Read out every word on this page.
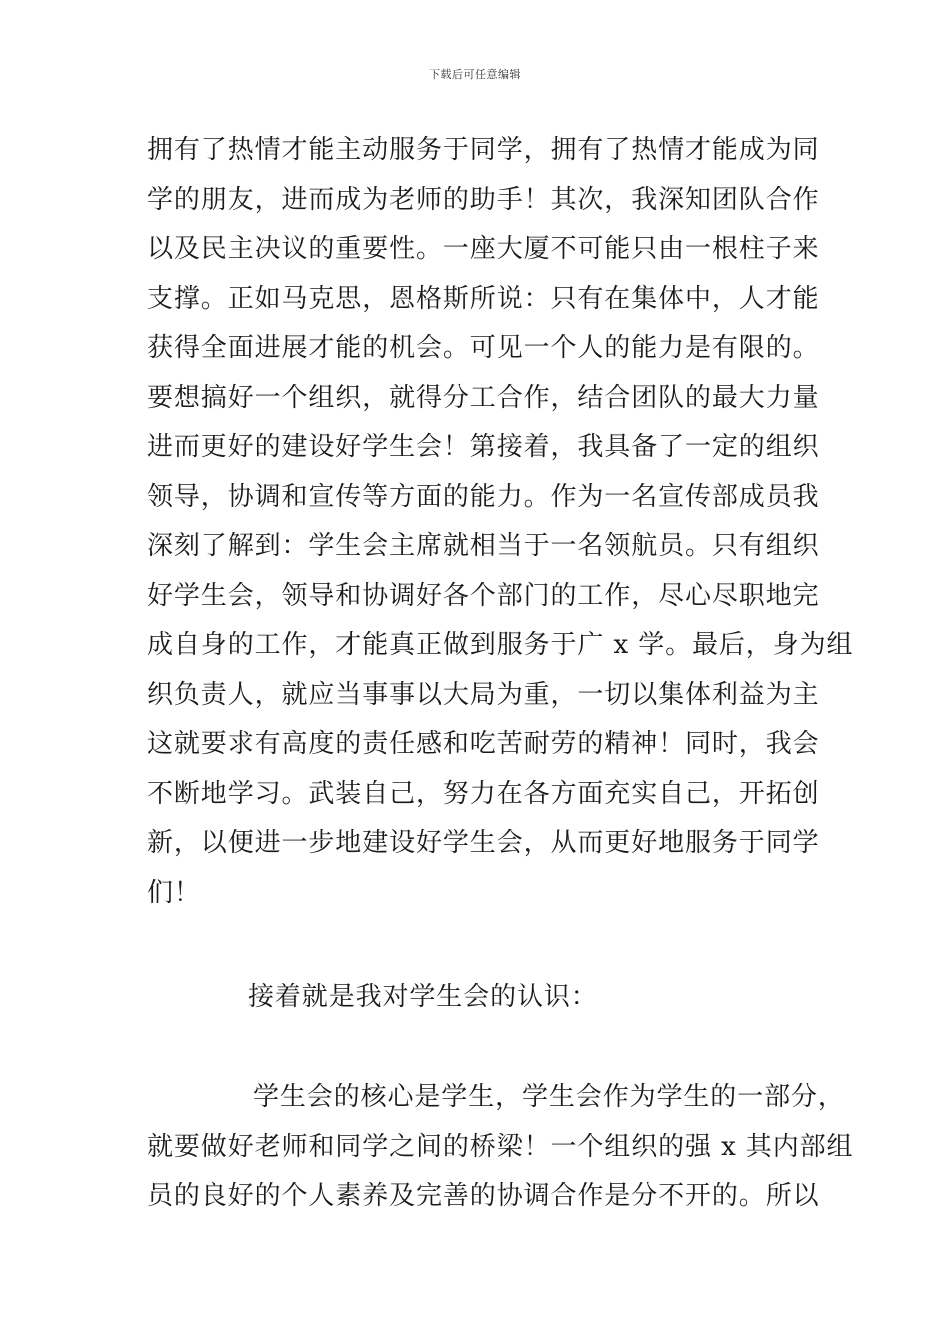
下载后可任意编辑
拥有了热情才能主动服务于同学，拥有了热情才能成为同
学的朋友，进而成为老师的助手！其次，我深知团队合作
以及民主决议的重要性。一座大厦不可能只由一根柱子来
支撑。正如马克思，恩格斯所说：只有在集体中，人才能
获得全面进展才能的机会。可见一个人的能力是有限的。
要想搞好一个组织，就得分工合作，结合团队的最大力量
进而更好的建设好学生会！第接着，我具备了一定的组织
领导，协调和宣传等方面的能力。作为一名宣传部成员我
深刻了解到：学生会主席就相当于一名领航员。只有组织
好学生会，领导和协调好各个部门的工作，尽心尽职地完
成自身的工作，才能真正做到服务于广 x 学。最后，身为组
织负责人，就应当事事以大局为重，一切以集体利益为主
这就要求有高度的责任感和吃苦耐劳的精神！同时，我会
不断地学习。武装自己，努力在各方面充实自己，开拓创
新，以便进一步地建设好学生会，从而更好地服务于同学
们！
接着就是我对学生会的认识：
学生会的核心是学生，学生会作为学生的一部分，
就要做好老师和同学之间的桥梁！一个组织的强 x 其内部组
员的良好的个人素养及完善的协调合作是分不开的。所以
